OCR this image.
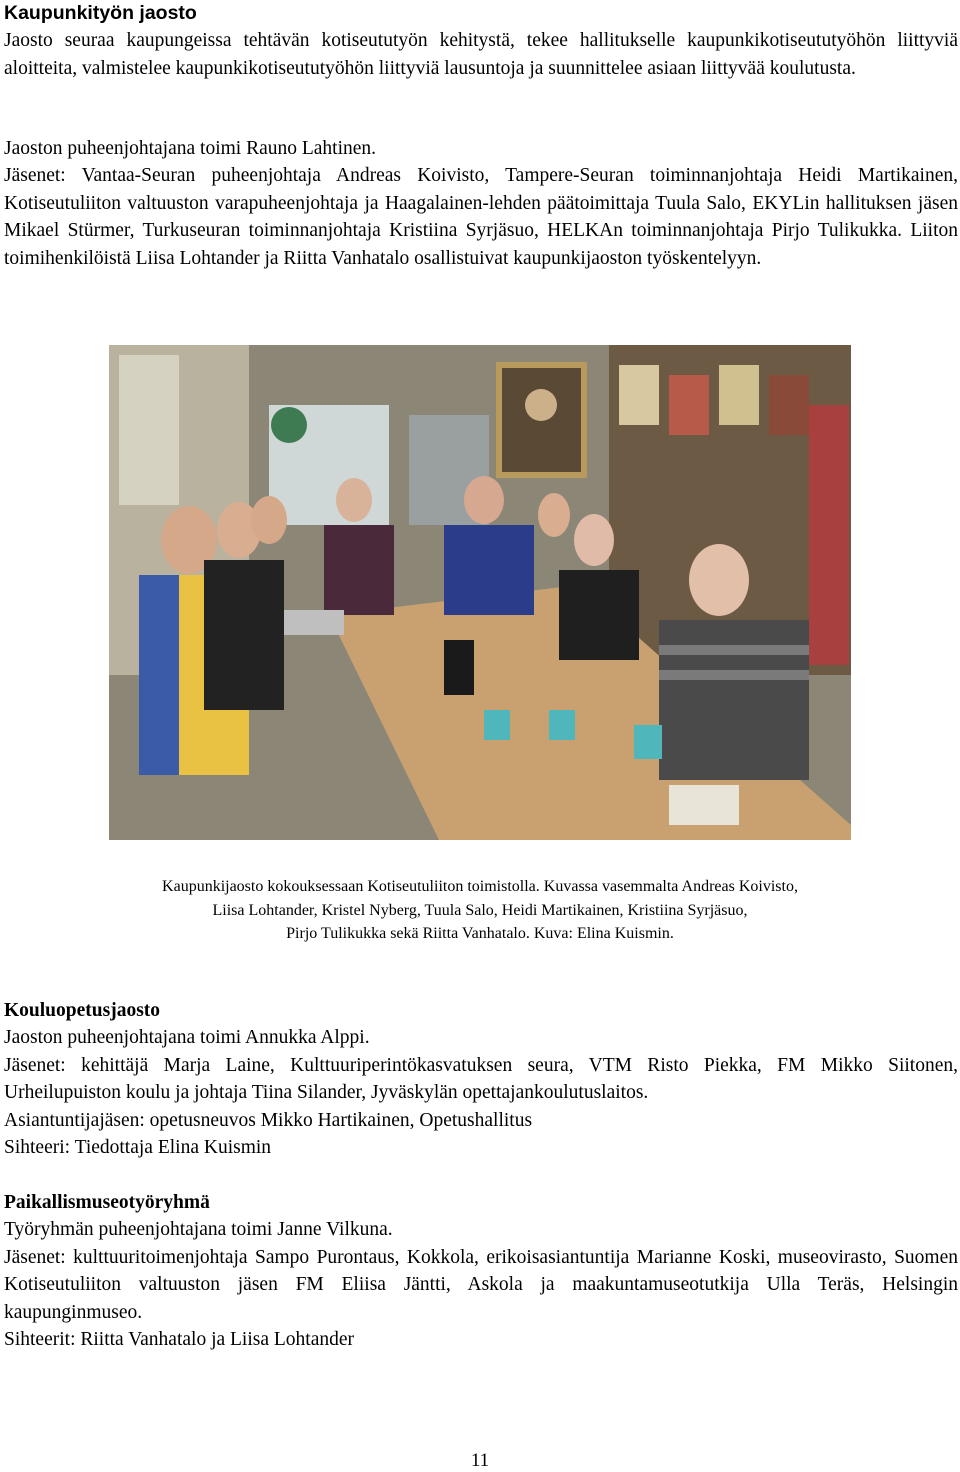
Kaupunkityön jaosto

Jaosto seuraa kaupungeissa tehtävän kotiseututyön kehitystä, tekee hallitukselle kaupunkikotiseututyöhön liittyviä aloitteita, valmistelee kaupunkikotiseututyöhön liittyviä lausuntoja ja suunnittelee asiaan liittyvää koulutusta.

Jaoston puheenjohtajana toimi Rauno Lahtinen.

Jäsenet: Vantaa-Seuran puheenjohtaja Andreas Koivisto, Tampere-Seuran toiminnanjohtaja Heidi Martikainen, Kotiseutuliiton valtuuston varapuheenjohtaja ja Haagalainen-lehden päätoimittaja Tuula Salo, EKYLin hallituksen jäsen Mikael Stürmer, Turkuseuran toiminnanjohtaja Kristiina Syrjäsuo, HELKAn toiminnanjohtaja Pirjo Tulikukka. Liiton toimihenkilöistä Liisa Lohtander ja Riitta Vanhatalo osallistuivat kaupunkijaoston työskentelyyn.

Kaupunkijaosto kokouksessaan Kotiseutuliiton toimistolla. Kuvassa vasemmalta Andreas Koivisto,
Liisa Lohtander, Kristel Nyberg, Tuula Salo, Heidi Martikainen, Kristiina Syrjäsuo,
Pirjo Tulikukka sekä Riitta Vanhatalo. Kuva: Elina Kuismin.
Kouluopetusjaosto
Jaoston puheenjohtajana toimi Annukka Alppi.

Jäsenet: kehittäjä Marja Laine, Kulttuuriperintökasvatuksen seura, VTM Risto Piekka, FM Mikko Siitonen, Urheilupuiston koulu ja johtaja Tiina Silander, Jyväskylän opettajankoulutuslaitos.

Asiantuntijajäsen: opetusneuvos Mikko Hartikainen, Opetushallitus
Sihteeri: Tiedottaja Elina Kuismin
Paikallismuseotyöryhmä
Työryhmän puheenjohtajana toimi Janne Vilkuna.

Jäsenet: kulttuuritoimenjohtaja Sampo Purontaus, Kokkola, erikoisasiantuntija Marianne Koski, museovirasto, Suomen Kotiseutuliiton valtuuston jäsen FM Eliisa Jäntti, Askola ja maakuntamuseotutkija Ulla Teräs, Helsingin kaupunginmuseo.

Sihteerit: Riitta Vanhatalo ja Liisa Lohtander
11
